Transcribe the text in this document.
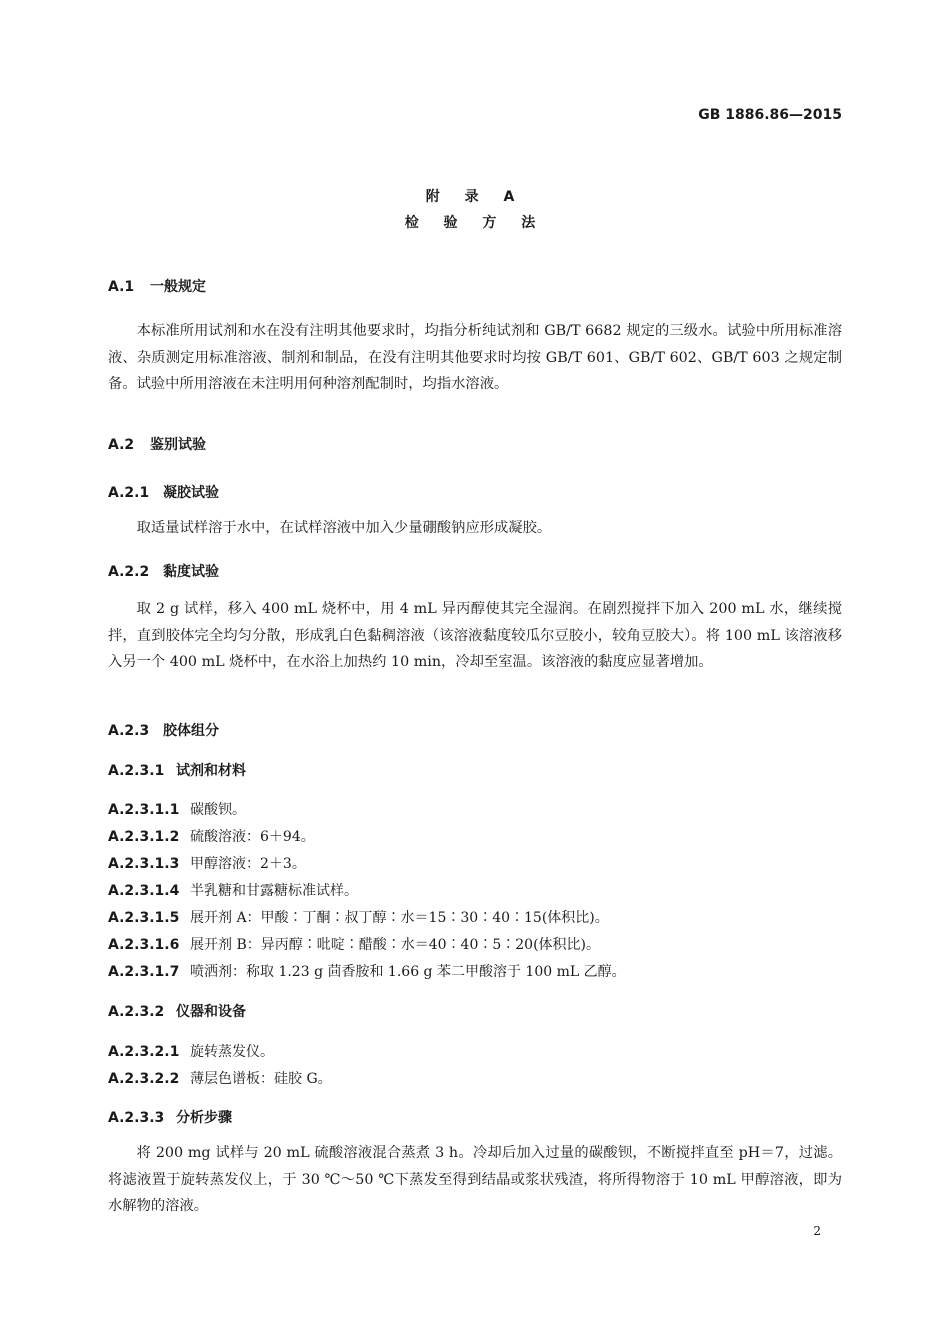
GB 1886.86—2015
附 录 A
检 验 方 法
A.1 一般规定
本标准所用试剂和水在没有注明其他要求时，均指分析纯试剂和 GB/T 6682 规定的三级水。试验中所用标准溶液、杂质测定用标准溶液、制剂和制品，在没有注明其他要求时均按 GB/T 601、GB/T 602、GB/T 603 之规定制备。试验中所用溶液在未注明用何种溶剂配制时，均指水溶液。
A.2 鉴别试验
A.2.1 凝胶试验
取适量试样溶于水中，在试样溶液中加入少量硼酸钠应形成凝胶。
A.2.2 黏度试验
取 2 g 试样，移入 400 mL 烧杯中，用 4 mL 异丙醇使其完全湿润。在剧烈搅拌下加入 200 mL 水，继续搅拌，直到胶体完全均匀分散，形成乳白色黏稠溶液（该溶液黏度较瓜尔豆胶小，较角豆胶大）。将 100 mL 该溶液移入另一个 400 mL 烧杯中，在水浴上加热约 10 min，冷却至室温。该溶液的黏度应显著增加。
A.2.3 胶体组分
A.2.3.1 试剂和材料
A.2.3.1.1 碳酸钡。
A.2.3.1.2 硫酸溶液：6＋94。
A.2.3.1.3 甲醇溶液：2＋3。
A.2.3.1.4 半乳糖和甘露糖标准试样。
A.2.3.1.5 展开剂 A：甲酸∶丁酮∶叔丁醇∶水＝15∶30∶40∶15(体积比)。
A.2.3.1.6 展开剂 B：异丙醇∶吡啶∶醋酸∶水＝40∶40∶5∶20(体积比)。
A.2.3.1.7 喷洒剂：称取 1.23 g 茴香胺和 1.66 g 苯二甲酸溶于 100 mL 乙醇。
A.2.3.2 仪器和设备
A.2.3.2.1 旋转蒸发仪。
A.2.3.2.2 薄层色谱板：硅胶 G。
A.2.3.3 分析步骤
将 200 mg 试样与 20 mL 硫酸溶液混合蒸煮 3 h。冷却后加入过量的碳酸钡，不断搅拌直至 pH＝7，过滤。将滤液置于旋转蒸发仪上，于 30 ℃～50 ℃下蒸发至得到结晶或浆状残渣，将所得物溶于 10 mL 甲醇溶液，即为水解物的溶液。
2
